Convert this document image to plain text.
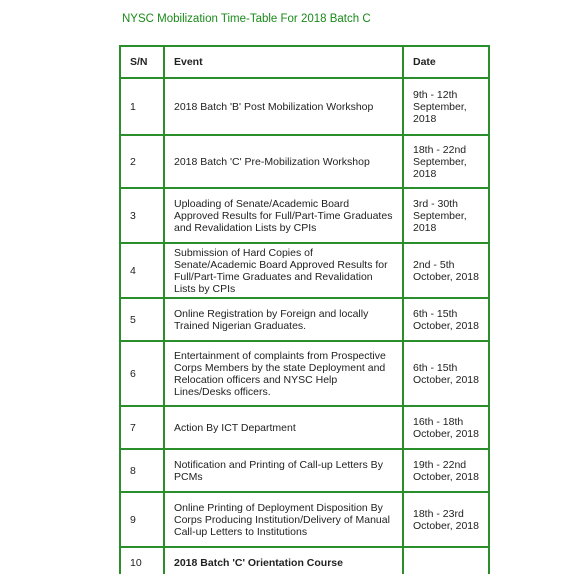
NYSC Mobilization Time-Table For 2018 Batch C
S/N	Event	Date
1	2018 Batch 'B' Post Mobilization Workshop	9th - 12th September, 2018
2	2018 Batch 'C' Pre-Mobilization Workshop	18th - 22nd September, 2018
3	Uploading of Senate/Academic Board Approved Results for Full/Part-Time Graduates and Revalidation Lists by CPIs	3rd - 30th September, 2018
4	Submission of Hard Copies of Senate/Academic Board Approved Results for Full/Part-Time Graduates and Revalidation Lists by CPIs	2nd - 5th October, 2018
5	Online Registration by Foreign and locally Trained Nigerian Graduates.	6th - 15th October, 2018
6	Entertainment of complaints from Prospective Corps Members by the state Deployment and Relocation officers and NYSC Help Lines/Desks officers.	6th - 15th October, 2018
7	Action By ICT Department	16th - 18th October, 2018
8	Notification and Printing of Call-up Letters By PCMs	19th - 22nd October, 2018
9	Online Printing of Deployment Disposition By Corps Producing Institution/Delivery of Manual Call-up Letters to Institutions	18th - 23rd October, 2018
10	2018 Batch 'C' Orientation Course	
